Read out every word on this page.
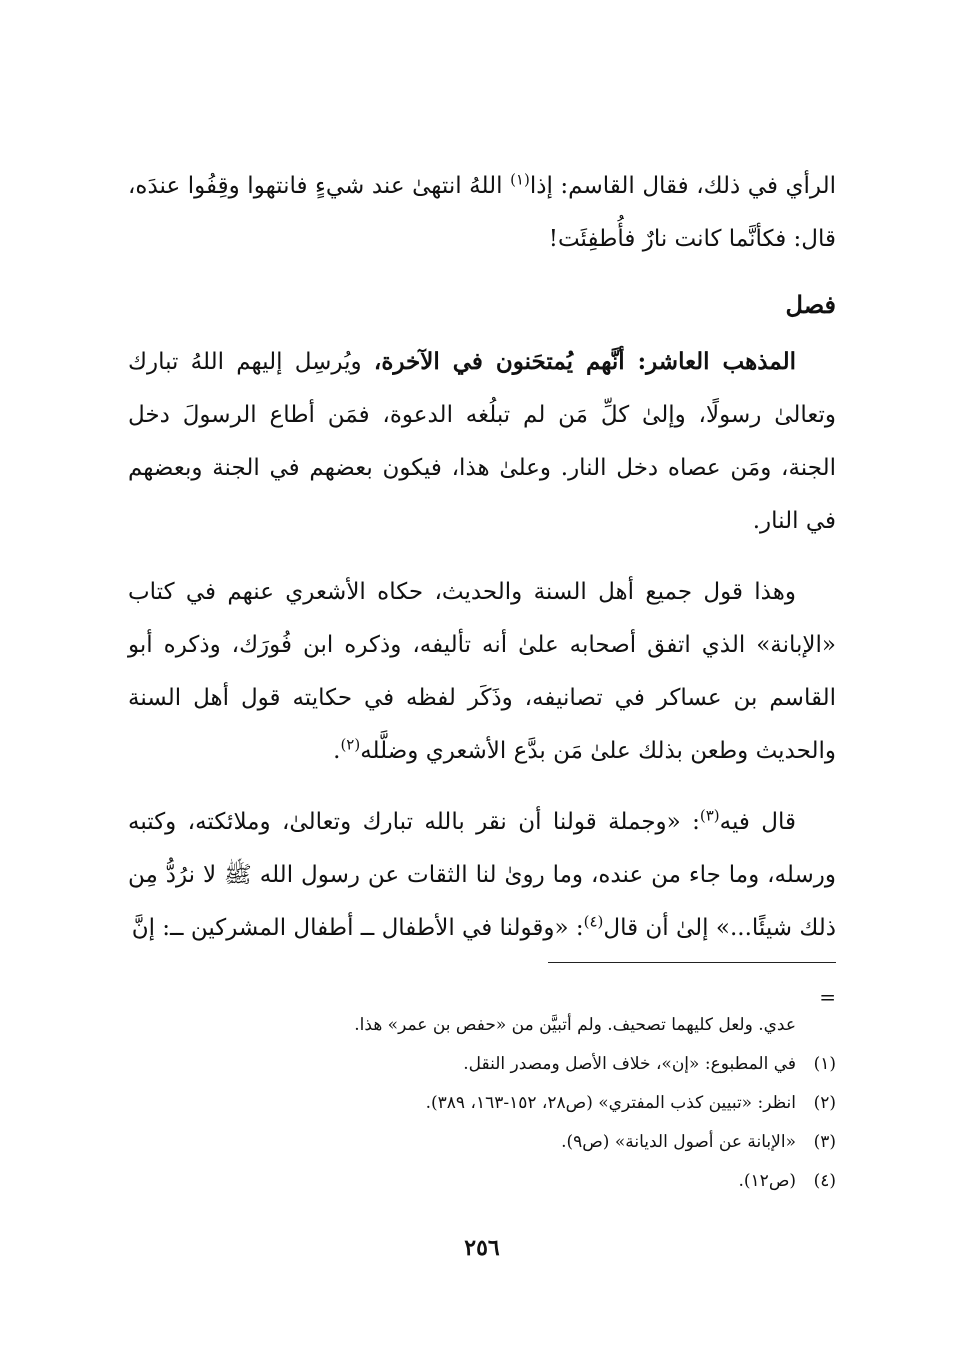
الرأي في ذلك، فقال القاسم: إذا$^{(١)}$ اللهُ انتهىٰ عند شيءٍ فانتهوا وقِفُوا عندَه، قال: فكأنَّما كانت نارٌ فأُطفِئَت!

فصل

المذهب العاشر: أنَّهم يُمتحَنون في الآخرة، ويُرسِل إليهم اللهُ تبارك وتعالىٰ رسولًا، وإلىٰ كلِّ مَن لم تبلُغه الدعوة، فمَن أطاع الرسولَ دخل الجنة، ومَن عصاه دخل النار. وعلىٰ هذا، فيكون بعضهم في الجنة وبعضهم في النار.

وهذا قول جميع أهل السنة والحديث، حكاه الأشعري عنهم في كتاب «الإبانة» الذي اتفق أصحابه علىٰ أنه تأليفه، وذكره ابن فُورَك، وذكره أبو القاسم بن عساكر في تصانيفه، وذَكَر لفظه في حكايته قول أهل السنة والحديث وطعن بذلك علىٰ مَن بدَّع الأشعري وضلَّله$^{(٢)}$.

قال فيه$^{(٣)}$: «وجملة قولنا أن نقر بالله تبارك وتعالىٰ، وملائكته، وكتبه ورسله، وما جاء من عنده، وما روىٰ لنا الثقات عن رسول الله ﷺ لا نرُدُّ مِن ذلك شيئًا...» إلىٰ أن قال$^{(٤)}$: «وقولنا في الأطفال ــ أطفال المشركين ــ: إنَّ

=
عدي. ولعل كليهما تصحيف. ولم أتبيَّن من «حفص بن عمر» هذا.
(١)في المطبوع: «إن»، خلاف الأصل ومصدر النقل.
(٢)انظر: «تبيين كذب المفتري» (ص٢٨، ١٥٢-١٦٣، ٣٨٩).
(٣)«الإبانة عن أصول الديانة» (ص٩).
(٤)(ص١٢).
٢٥٦
